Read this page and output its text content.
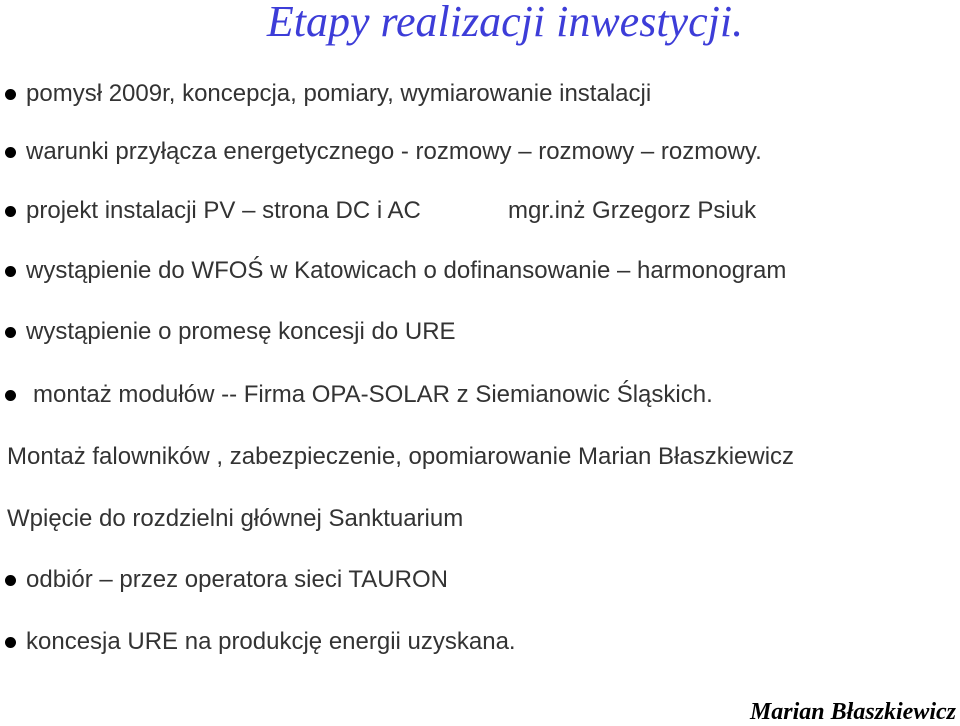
Etapy realizacji inwestycji.
pomysł 2009r, koncepcja, pomiary, wymiarowanie instalacji
warunki przyłącza energetycznego - rozmowy – rozmowy – rozmowy.
projekt instalacji PV – strona DC i AC	mgr.inż Grzegorz Psiuk
wystąpienie do WFOŚ w Katowicach o dofinansowanie – harmonogram
wystąpienie o promesę koncesji do URE
montaż modułów -- Firma OPA-SOLAR z Siemianowic Śląskich.
Montaż falowników , zabezpieczenie, opomiarowanie Marian Błaszkiewicz
Wpięcie do rozdzielni głównej Sanktuarium
odbiór – przez operatora sieci TAURON
koncesja URE na produkcję energii uzyskana.
Marian Błaszkiewicz
